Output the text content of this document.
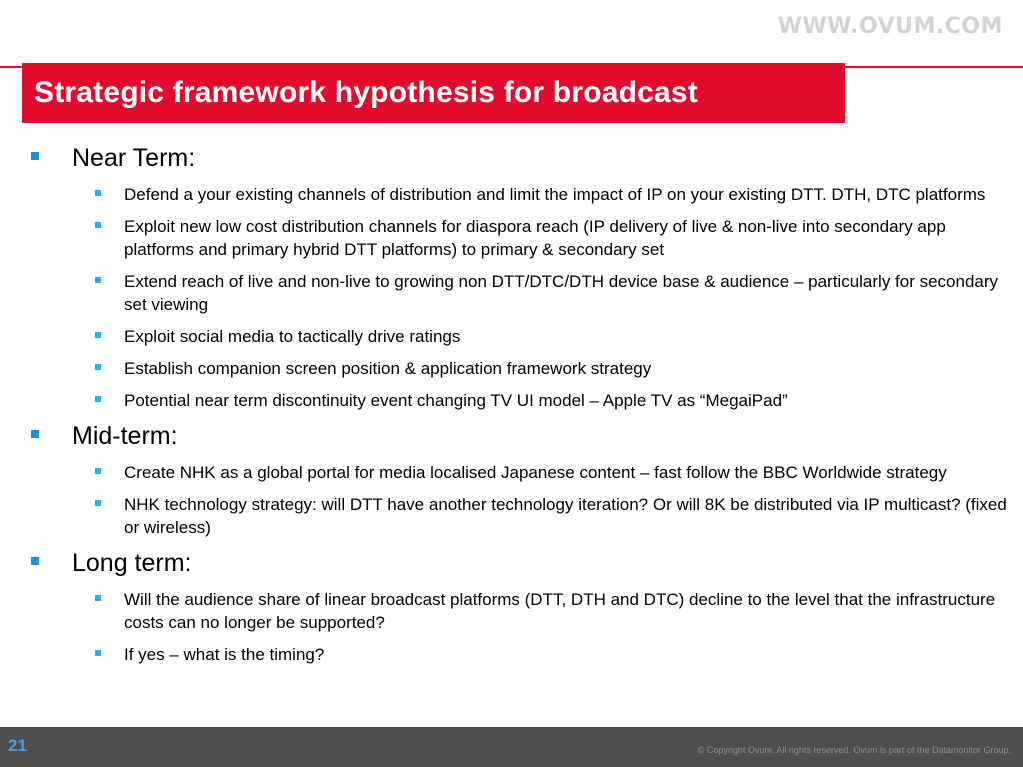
WWW.OVUM.COM
Strategic framework hypothesis for broadcast
Near Term:
Defend a your existing channels of distribution and limit the impact of IP on your existing DTT. DTH, DTC platforms
Exploit new low cost distribution channels for diaspora reach (IP delivery of live & non-live into secondary app platforms and primary hybrid DTT platforms) to primary & secondary set
Extend reach of live and non-live to growing non DTT/DTC/DTH device base & audience – particularly for secondary set viewing
Exploit social media to tactically drive ratings
Establish companion screen position & application framework strategy
Potential near term discontinuity event changing TV UI model – Apple TV as “MegaiPad”
Mid-term:
Create NHK as a global portal for media localised Japanese content – fast follow the BBC Worldwide strategy
NHK technology strategy: will DTT have another technology iteration? Or will 8K be distributed via IP multicast? (fixed or wireless)
Long term:
Will the audience share of linear broadcast platforms (DTT, DTH and DTC) decline to the level that the infrastructure costs can no longer be supported?
If yes – what is the timing?
21	© Copyright Ovum. All rights reserved. Ovum is part of the Datamonitor Group.
